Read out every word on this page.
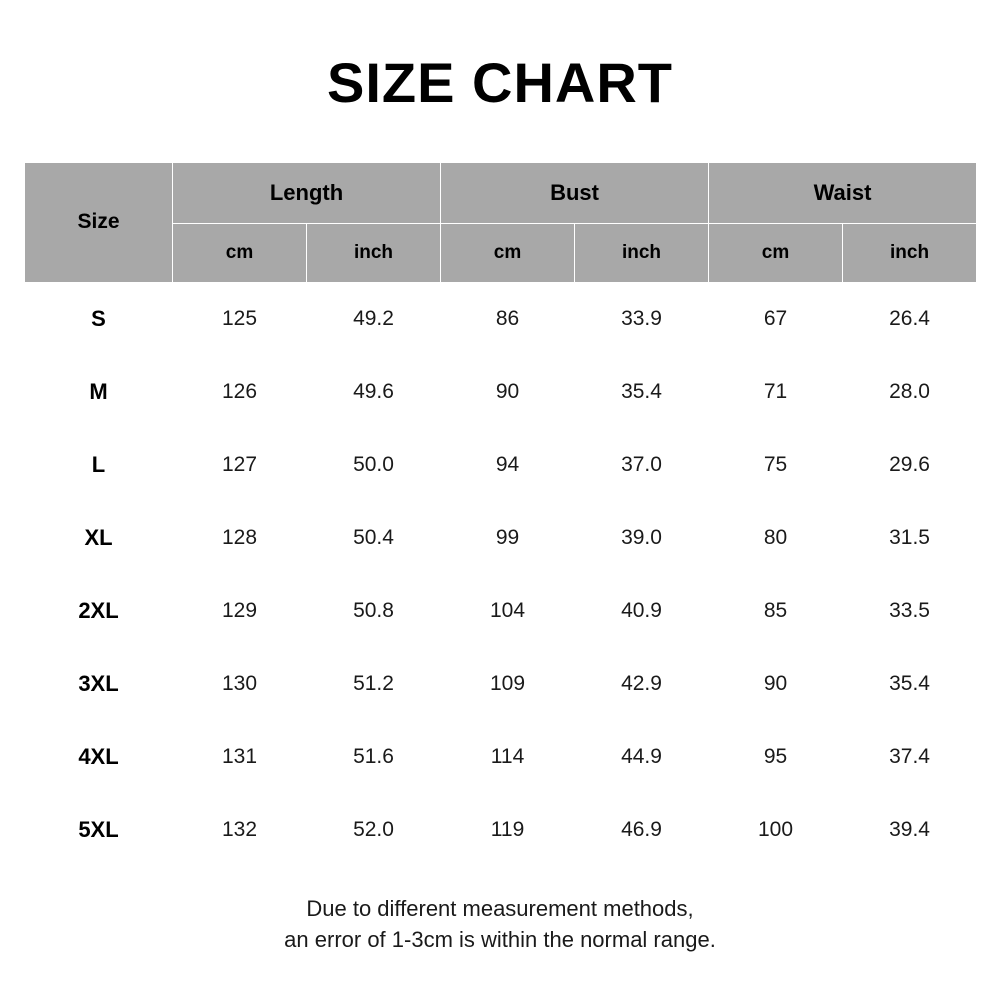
SIZE CHART
Size	Length		Bust		Waist	
	cm	inch	cm	inch	cm	inch
S	125	49.2	86	33.9	67	26.4
M	126	49.6	90	35.4	71	28.0
L	127	50.0	94	37.0	75	29.6
XL	128	50.4	99	39.0	80	31.5
2XL	129	50.8	104	40.9	85	33.5
3XL	130	51.2	109	42.9	90	35.4
4XL	131	51.6	114	44.9	95	37.4
5XL	132	52.0	119	46.9	100	39.4
Due to different measurement methods,
an error of 1-3cm is within the normal range.
